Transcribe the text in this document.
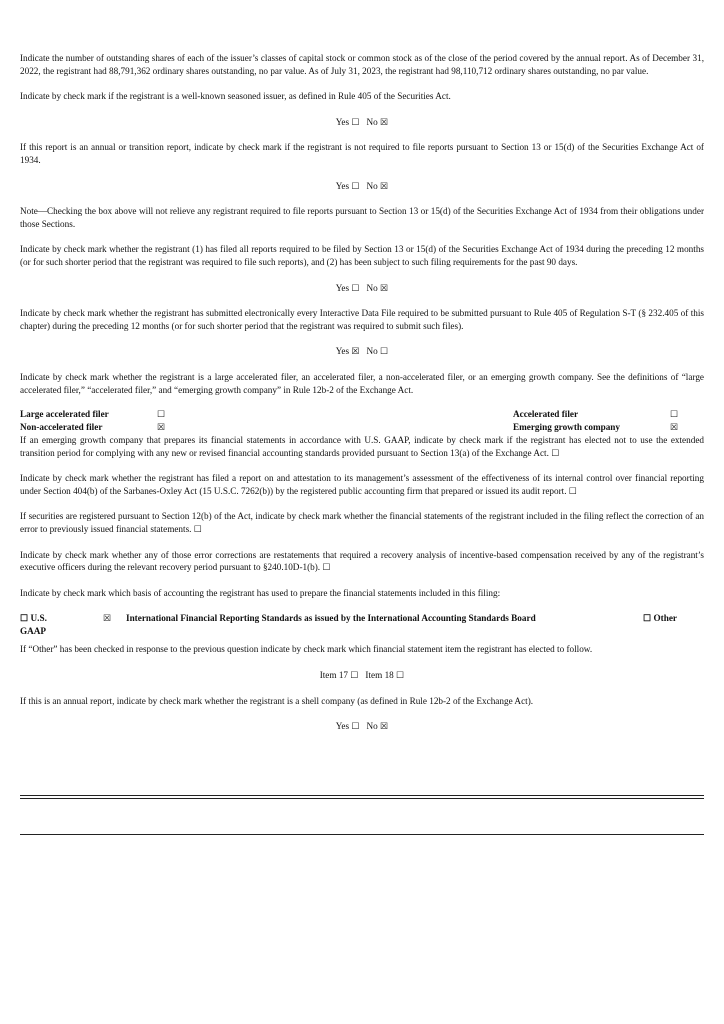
Indicate the number of outstanding shares of each of the issuer’s classes of capital stock or common stock as of the close of the period covered by the annual report. As of December 31, 2022, the registrant had 88,791,362 ordinary shares outstanding, no par value. As of July 31, 2023, the registrant had 98,110,712 ordinary shares outstanding, no par value.

Indicate by check mark if the registrant is a well-known seasoned issuer, as defined in Rule 405 of the Securities Act.

Yes ☐   No ☒

If this report is an annual or transition report, indicate by check mark if the registrant is not required to file reports pursuant to Section 13 or 15(d) of the Securities Exchange Act of 1934.

Yes ☐   No ☒

Note—Checking the box above will not relieve any registrant required to file reports pursuant to Section 13 or 15(d) of the Securities Exchange Act of 1934 from their obligations under those Sections.

Indicate by check mark whether the registrant (1) has filed all reports required to be filed by Section 13 or 15(d) of the Securities Exchange Act of 1934 during the preceding 12 months (or for such shorter period that the registrant was required to file such reports), and (2) has been subject to such filing requirements for the past 90 days.

Yes ☐   No ☒

Indicate by check mark whether the registrant has submitted electronically every Interactive Data File required to be submitted pursuant to Rule 405 of Regulation S-T (§ 232.405 of this chapter) during the preceding 12 months (or for such shorter period that the registrant was required to submit such files).

Yes ☒   No ☐

Indicate by check mark whether the registrant is a large accelerated filer, an accelerated filer, a non-accelerated filer, or an emerging growth company. See the definitions of “large accelerated filer,” “accelerated filer,” and “emerging growth company” in Rule 12b-2 of the Exchange Act.

Large accelerated filer	☐	Accelerated filer	☐
Non-accelerated filer	☒	Emerging growth company	☒

If an emerging growth company that prepares its financial statements in accordance with U.S. GAAP, indicate by check mark if the registrant has elected not to use the extended transition period for complying with any new or revised financial accounting standards provided pursuant to Section 13(a) of the Exchange Act. ☐

Indicate by check mark whether the registrant has filed a report on and attestation to its management’s assessment of the effectiveness of its internal control over financial reporting under Section 404(b) of the Sarbanes-Oxley Act (15 U.S.C. 7262(b)) by the registered public accounting firm that prepared or issued its audit report. ☐

If securities are registered pursuant to Section 12(b) of the Act, indicate by check mark whether the financial statements of the registrant included in the filing reflect the correction of an error to previously issued financial statements. ☐

Indicate by check mark whether any of those error corrections are restatements that required a recovery analysis of incentive-based compensation received by any of the registrant’s executive officers during the relevant recovery period pursuant to §240.10D-1(b). ☐

Indicate by check mark which basis of accounting the registrant has used to prepare the financial statements included in this filing:

☐ U.S.
GAAP
☒ International Financial Reporting Standards as issued by the International Accounting Standards Board	☐ Other

If “Other” has been checked in response to the previous question indicate by check mark which financial statement item the registrant has elected to follow.

Item 17 ☐   Item 18 ☐

If this is an annual report, indicate by check mark whether the registrant is a shell company (as defined in Rule 12b-2 of the Exchange Act).

Yes ☐   No ☒
